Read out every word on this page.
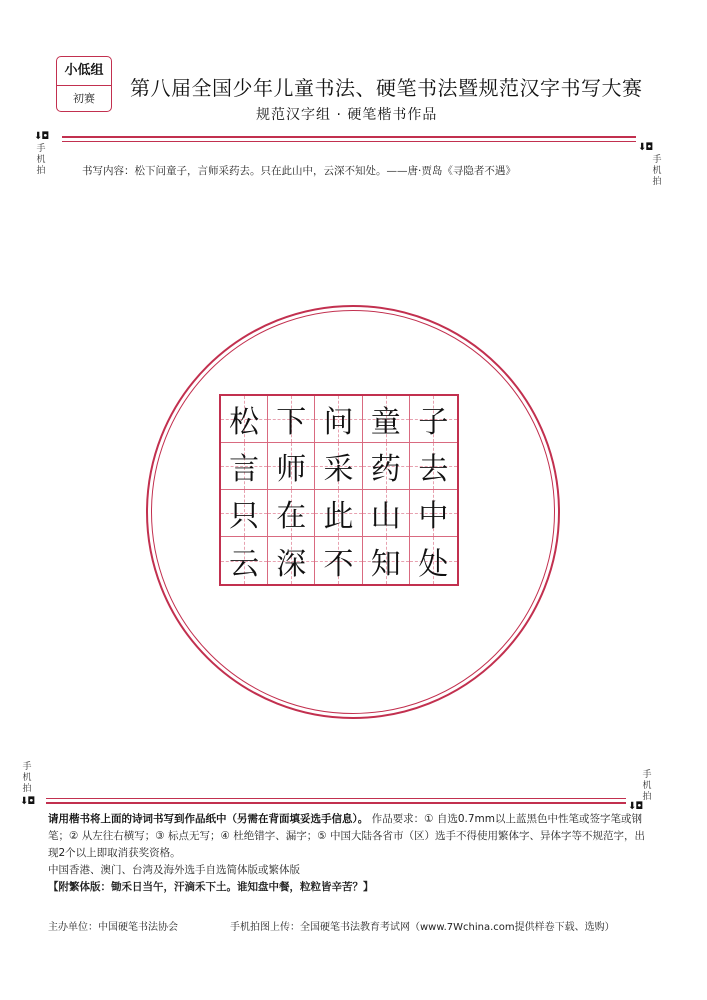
小低组
初赛	第八届全国少年儿童书法、硬笔书法暨规范汉字书写大赛
规范汉字组 · 硬笔楷书作品
⬇◘
手机拍
⬇◘
手机拍
书写内容：松下问童子，言师采药去。只在此山中，云深不知处。——唐·贾岛《寻隐者不遇》
松 下 问 童 子
言 师 采 药 去
只 在 此 山 中
云 深 不 知 处
手机拍
⬇◘
手机拍
⬇◘
请用楷书将上面的诗词书写到作品纸中（另需在背面填妥选手信息）。 作品要求：① 自选0.7mm以上蓝黑色中性笔或签字笔或钢笔；② 从左往右横写；③ 标点无写；④ 杜绝错字、漏字；⑤ 中国大陆各省市（区）选手不得使用繁体字、异体字等不规范字，出现2个以上即取消获奖资格。
中国香港、澳门、台湾及海外选手自选简体版或繁体版
【附繁体版：锄禾日当午，汗滴禾下土。谁知盘中餐，粒粒皆辛苦？】
主办单位：中国硬笔书法协会	手机拍图上传：全国硬笔书法教育考试网（www.7Wchina.com提供样卷下载、选购）
